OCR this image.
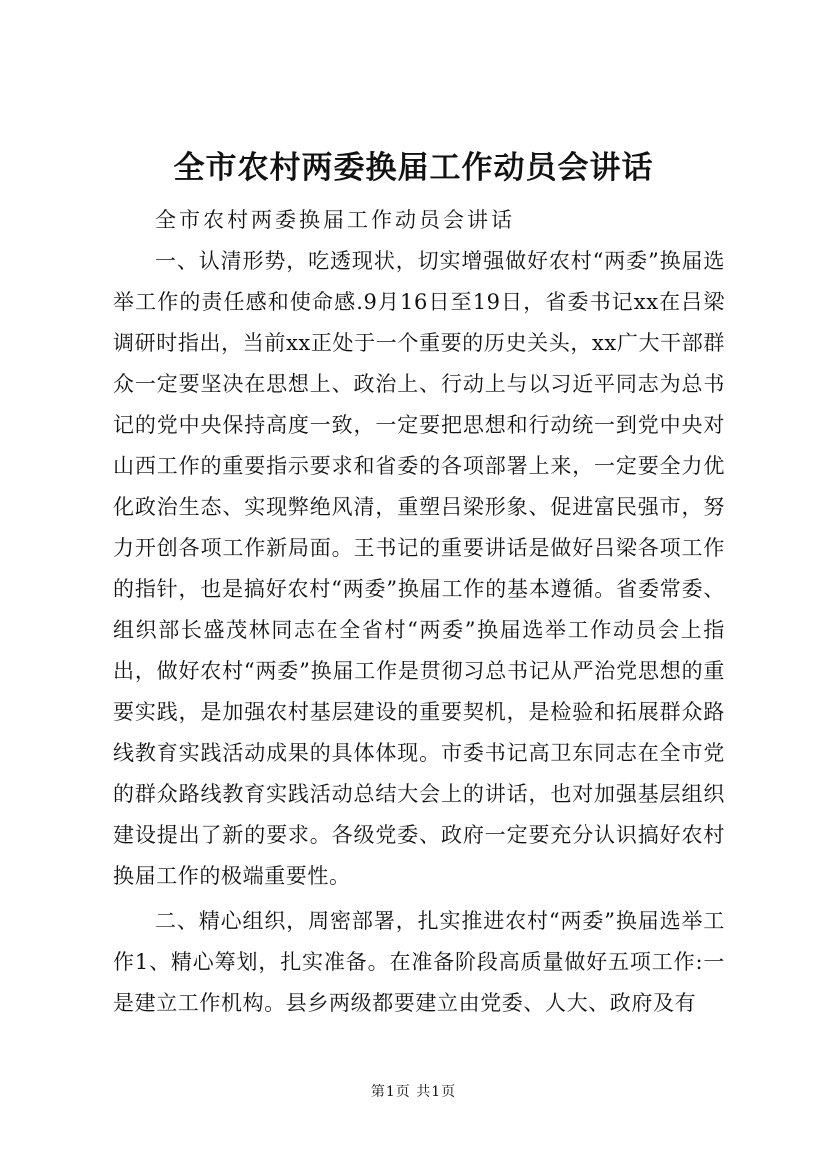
全市农村两委换届工作动员会讲话

全市农村两委换届工作动员会讲话

一、认清形势，吃透现状，切实增强做好农村“两委”换届选举工作的责任感和使命感.9月16日至19日，省委书记xx在吕梁调研时指出，当前xx正处于一个重要的历史关头，xx广大干部群众一定要坚决在思想上、政治上、行动上与以习近平同志为总书记的党中央保持高度一致，一定要把思想和行动统一到党中央对山西工作的重要指示要求和省委的各项部署上来，一定要全力优化政治生态、实现弊绝风清，重塑吕梁形象、促进富民强市，努力开创各项工作新局面。王书记的重要讲话是做好吕梁各项工作的指针，也是搞好农村“两委”换届工作的基本遵循。省委常委、组织部长盛茂林同志在全省村“两委”换届选举工作动员会上指出，做好农村“两委”换届工作是贯彻习总书记从严治党思想的重要实践，是加强农村基层建设的重要契机，是检验和拓展群众路线教育实践活动成果的具体体现。市委书记高卫东同志在全市党的群众路线教育实践活动总结大会上的讲话，也对加强基层组织建设提出了新的要求。各级党委、政府一定要充分认识搞好农村换届工作的极端重要性。

二、精心组织，周密部署，扎实推进农村“两委”换届选举工作1、精心筹划，扎实准备。在准备阶段高质量做好五项工作:一是建立工作机构。县乡两级都要建立由党委、人大、政府及有

第1页 共1页
